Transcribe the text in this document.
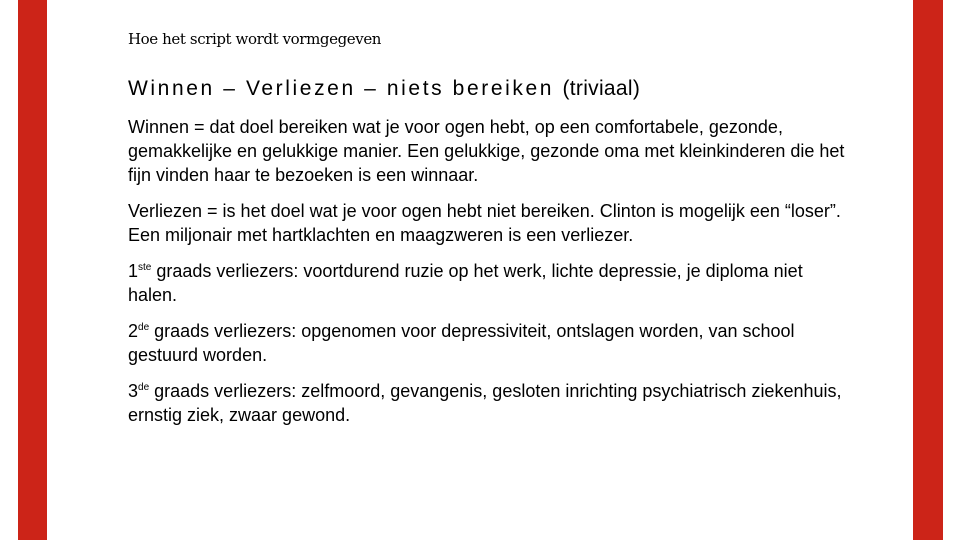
Hoe het script wordt vormgegeven
Winnen – Verliezen – niets bereiken (triviaal)

Winnen = dat doel bereiken wat je voor ogen hebt, op een comfortabele, gezonde, gemakkelijke en gelukkige manier. Een gelukkige, gezonde oma met kleinkinderen die het fijn vinden haar te bezoeken is een winnaar.

Verliezen = is het doel wat je voor ogen hebt niet bereiken. Clinton is mogelijk een “loser”. Een miljonair met hartklachten en maagzweren is een verliezer.

1ste graads verliezers: voortdurend ruzie op het werk, lichte depressie, je diploma niet halen.

2de graads verliezers: opgenomen voor depressiviteit, ontslagen worden, van school gestuurd worden.

3de graads verliezers: zelfmoord, gevangenis, gesloten inrichting psychiatrisch ziekenhuis, ernstig ziek, zwaar gewond.
